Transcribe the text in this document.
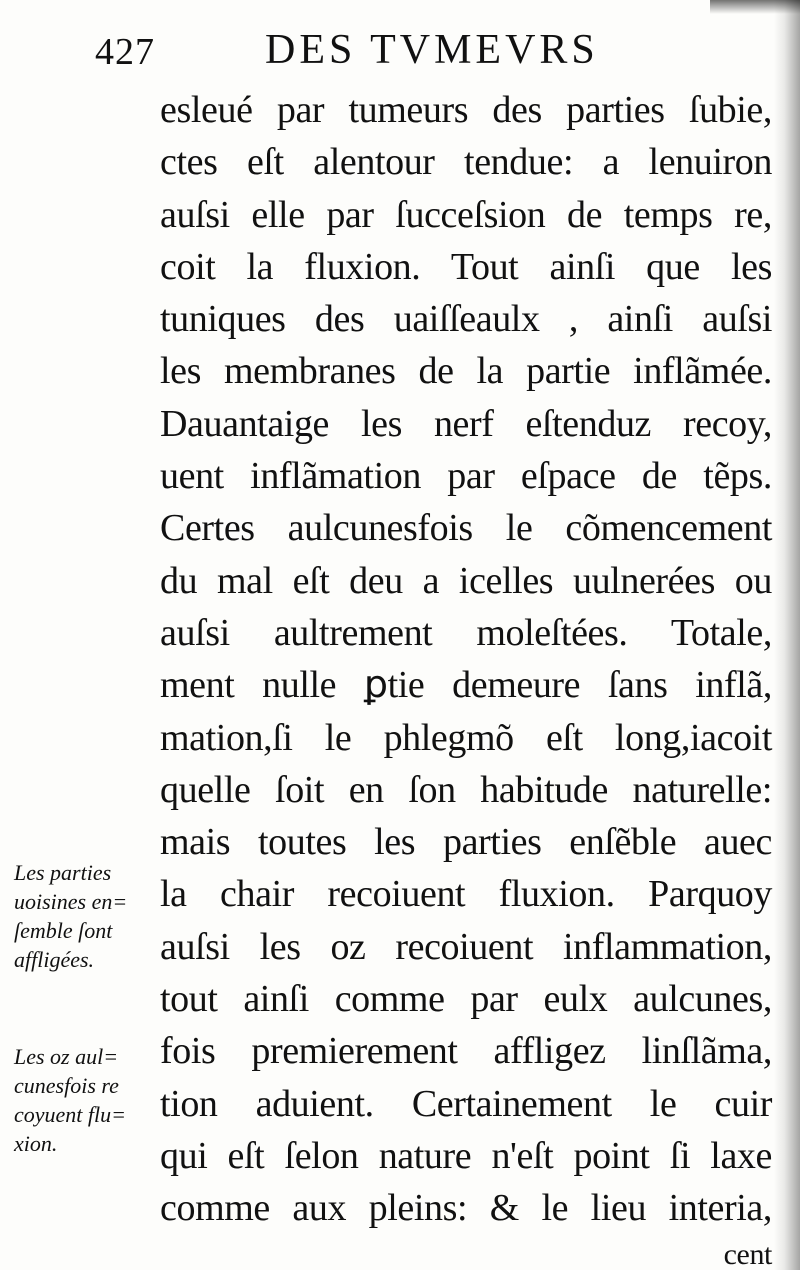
427	DES TVMEVRS
esleué par tumeurs des parties ſubie,
ctes eſt alentour tendue: a lenuiron
auſsi elle par ſucceſsion de temps re,
coit la fluxion. Tout ainſi que les
tuniques des uaiſſeaulx , ainſi auſsi
les membranes de la partie inflãmée.
Dauantaige les nerf eſtenduz recoy,
uent inflãmation par eſpace de tẽps.
Certes aulcunesfois le cõmencement
du mal eſt deu a icelles uulnerées ou
auſsi aultrement moleſtées. Totale,
ment nulle ꝑtie demeure ſans inflã,
mation,ſi le phlegmõ eſt long,iacoit
quelle ſoit en ſon habitude naturelle:
mais toutes les parties enſẽble auec
la chair recoiuent fluxion. Parquoy
auſsi les oz recoiuent inflammation,
tout ainſi comme par eulx aulcunes,
fois premierement affligez linſlãma,
tion aduient. Certainement le cuir
qui eſt ſelon nature n'eſt point ſi laxe
comme aux pleins: & le lieu interia,
cent
Les parties
uoisines en=
ſemble ſont
affligées.
Les oz aul=
cunesfois re
coyuent flu=
xion.
